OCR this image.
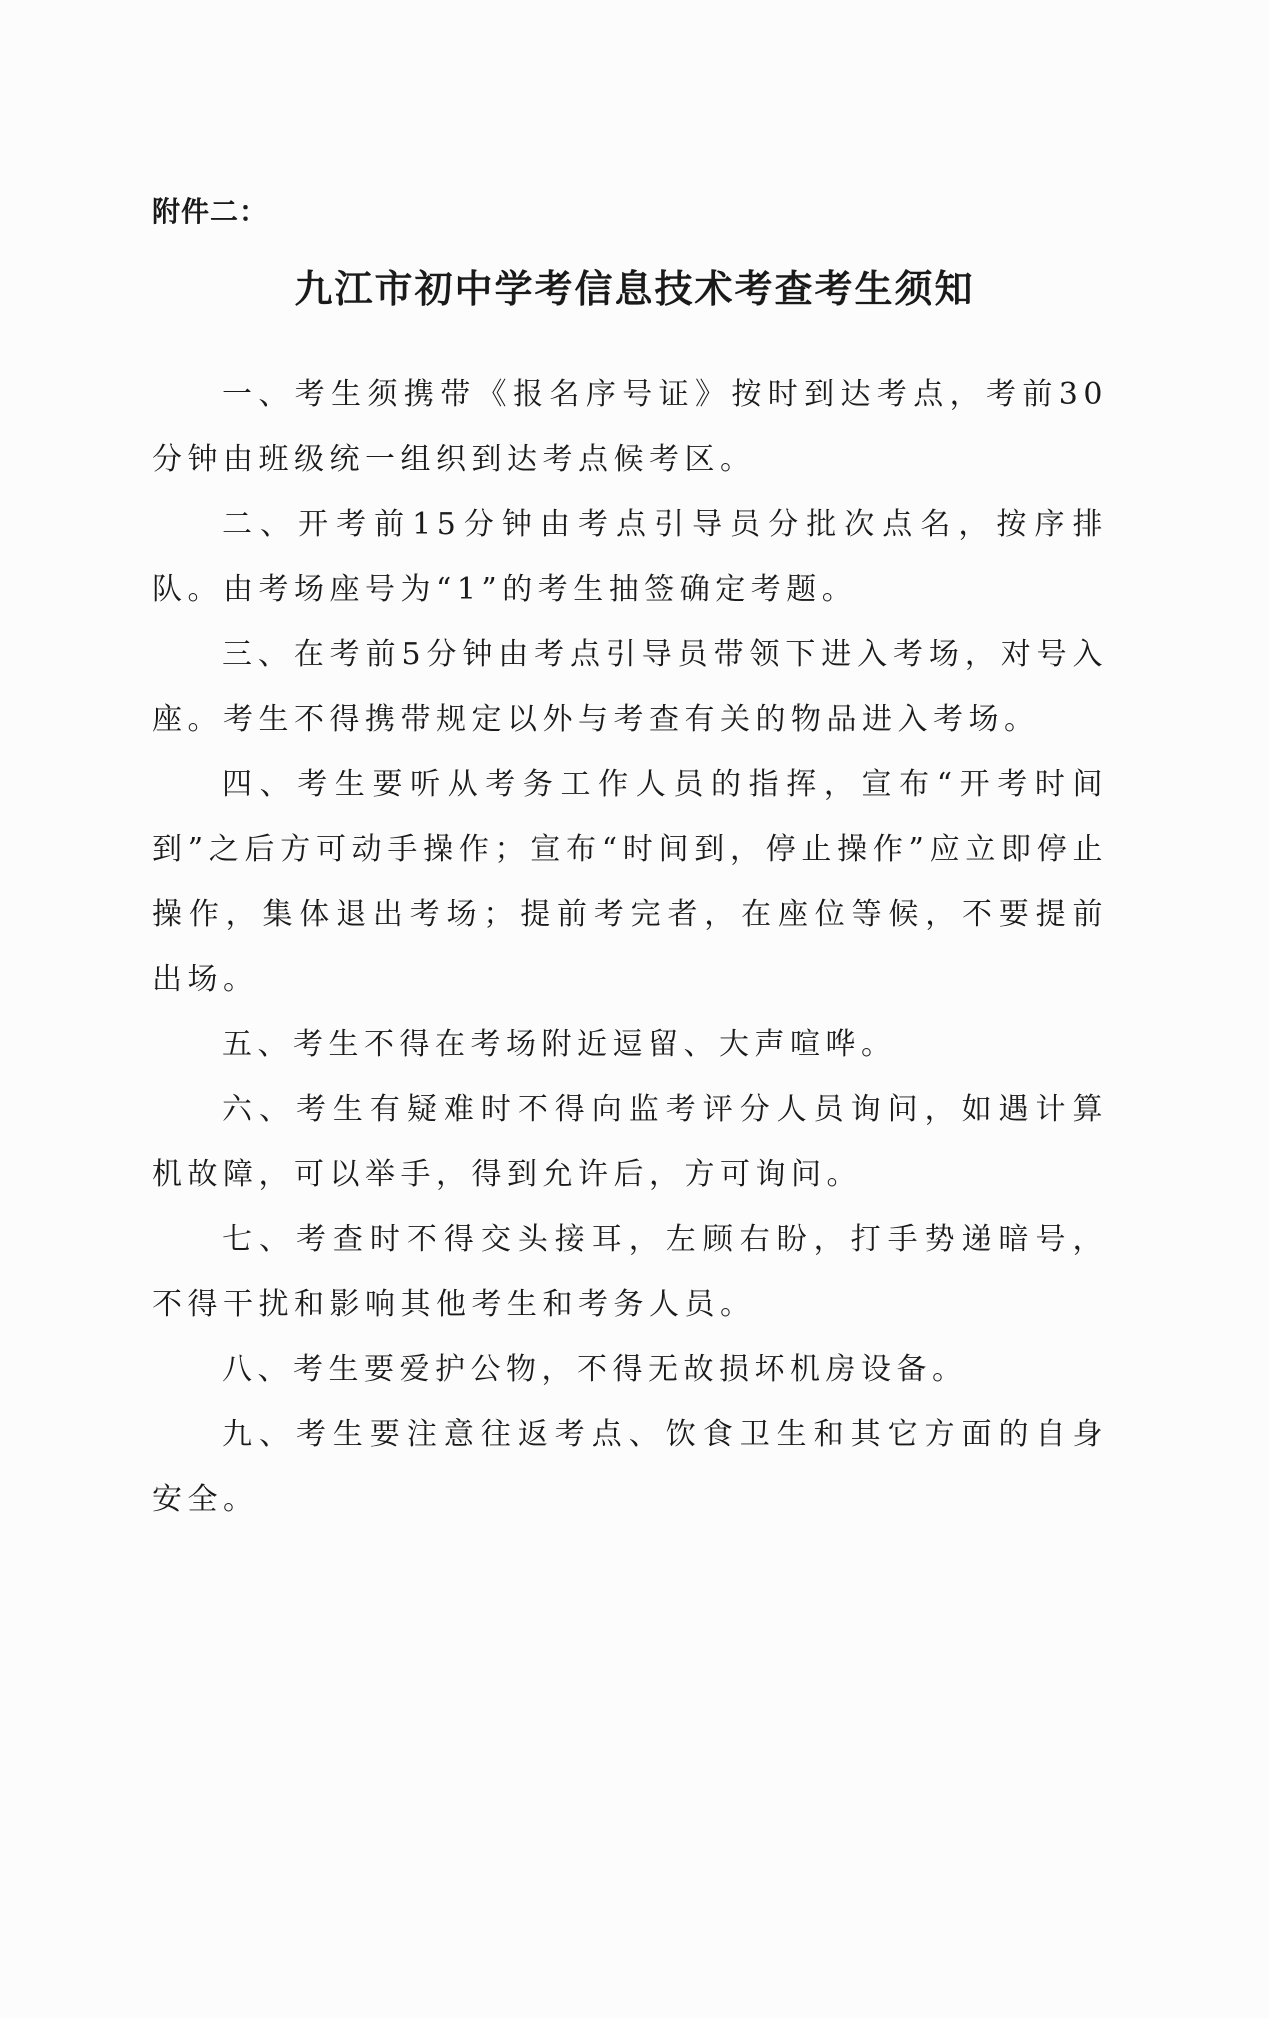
附件二：
九江市初中学考信息技术考查考生须知

一、考生须携带《报名序号证》按时到达考点，考前30分钟由班级统一组织到达考点候考区。

二、开考前15分钟由考点引导员分批次点名，按序排队。由考场座号为“1”的考生抽签确定考题。

三、在考前5分钟由考点引导员带领下进入考场，对号入座。考生不得携带规定以外与考查有关的物品进入考场。

四、考生要听从考务工作人员的指挥，宣布“开考时间到”之后方可动手操作；宣布“时间到，停止操作”应立即停止操作，集体退出考场；提前考完者，在座位等候，不要提前出场。

五、考生不得在考场附近逗留、大声喧哗。

六、考生有疑难时不得向监考评分人员询问，如遇计算机故障，可以举手，得到允许后，方可询问。

七、考查时不得交头接耳，左顾右盼，打手势递暗号，不得干扰和影响其他考生和考务人员。

八、考生要爱护公物，不得无故损坏机房设备。

九、考生要注意往返考点、饮食卫生和其它方面的自身安全。
